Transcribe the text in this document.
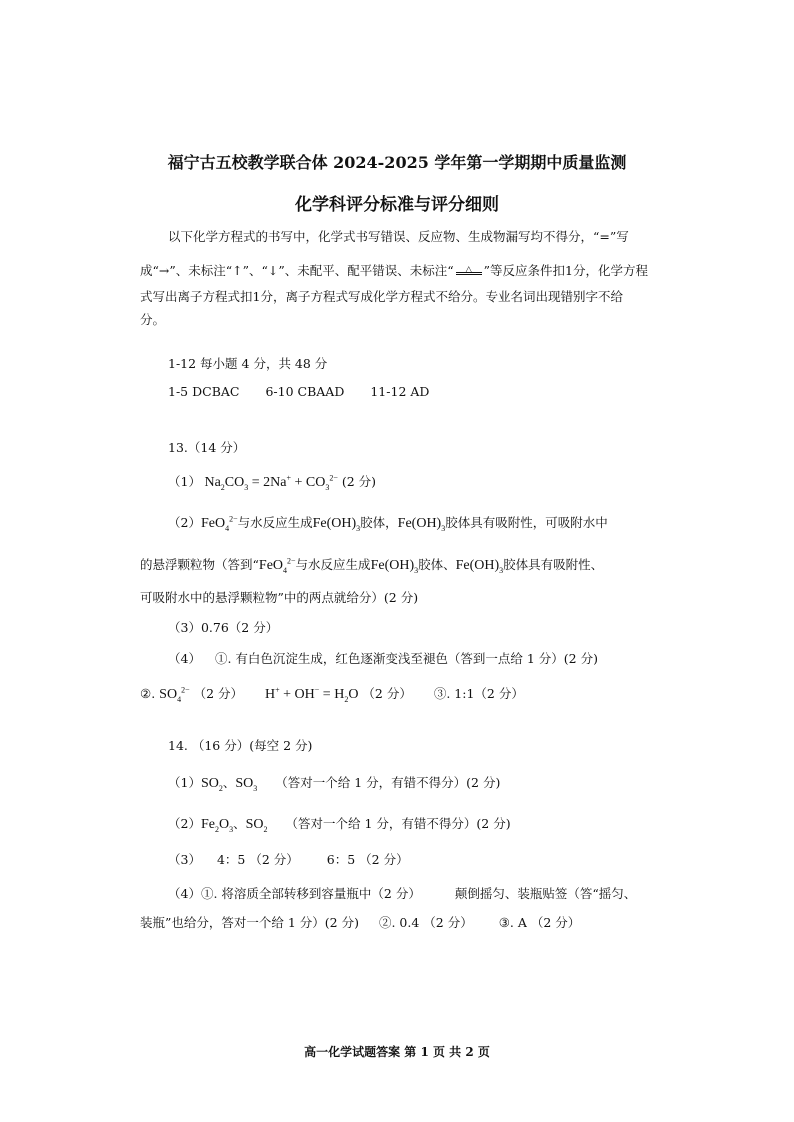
福宁古五校教学联合体 2024-2025 学年第一学期期中质量监测
化学科评分标准与评分细则
以下化学方程式的书写中，化学式书写错误、反应物、生成物漏写均不得分，“=”写
成“→”、未标注“↑”、“↓”、未配平、配平错误、未标注“ △ ”等反应条件扣1分，化学方程
式写出离子方程式扣1分，离子方程式写成化学方程式不给分。专业名词出现错别字不给
分。
1-12 每小题 4 分，共 48 分
1-5 DCBAC 6-10 CBAAD 11-12 AD
13.（14 分）
（1） $Na_2CO_3 = 2Na^+ + CO_3^{2-}$ (2 分)
（2）FeO$_4^{2-}$与水反应生成$Fe(OH)_3$胶体，$Fe(OH)_3$胶体具有吸附性，可吸附水中
的悬浮颗粒物（答到“FeO$_4^{2-}$与水反应生成$Fe(OH)_3$胶体、$Fe(OH)_3$胶体具有吸附性、
可吸附水中的悬浮颗粒物”中的两点就给分）(2 分)
（3）0.76（2 分）
（4） ①. 有白色沉淀生成，红色逐渐变浅至褪色（答到一点给 1 分）(2 分)
②. $SO_4^{2-}$ （2 分） $H^+ + OH^- = H_2O$ （2 分） ③. 1:1（2 分）
14. （16 分）(每空 2 分)
$(1)SO_2$、$SO_3$ （答对一个给 1 分，有错不得分）(2 分)
$(2)Fe_2O_3$、$SO_2$ （答对一个给 1 分，有错不得分）(2 分)
（3） 4：5 （2 分） 6：5 （2 分）
（4）①. 将溶质全部转移到容量瓶中（2 分）	颠倒摇匀、装瓶贴签（答“摇匀、
装瓶”也给分，答对一个给 1 分）(2 分) ②. 0.4 （2 分） ③. A （2 分）
高一化学试题答案 第 1 页 共 2 页
